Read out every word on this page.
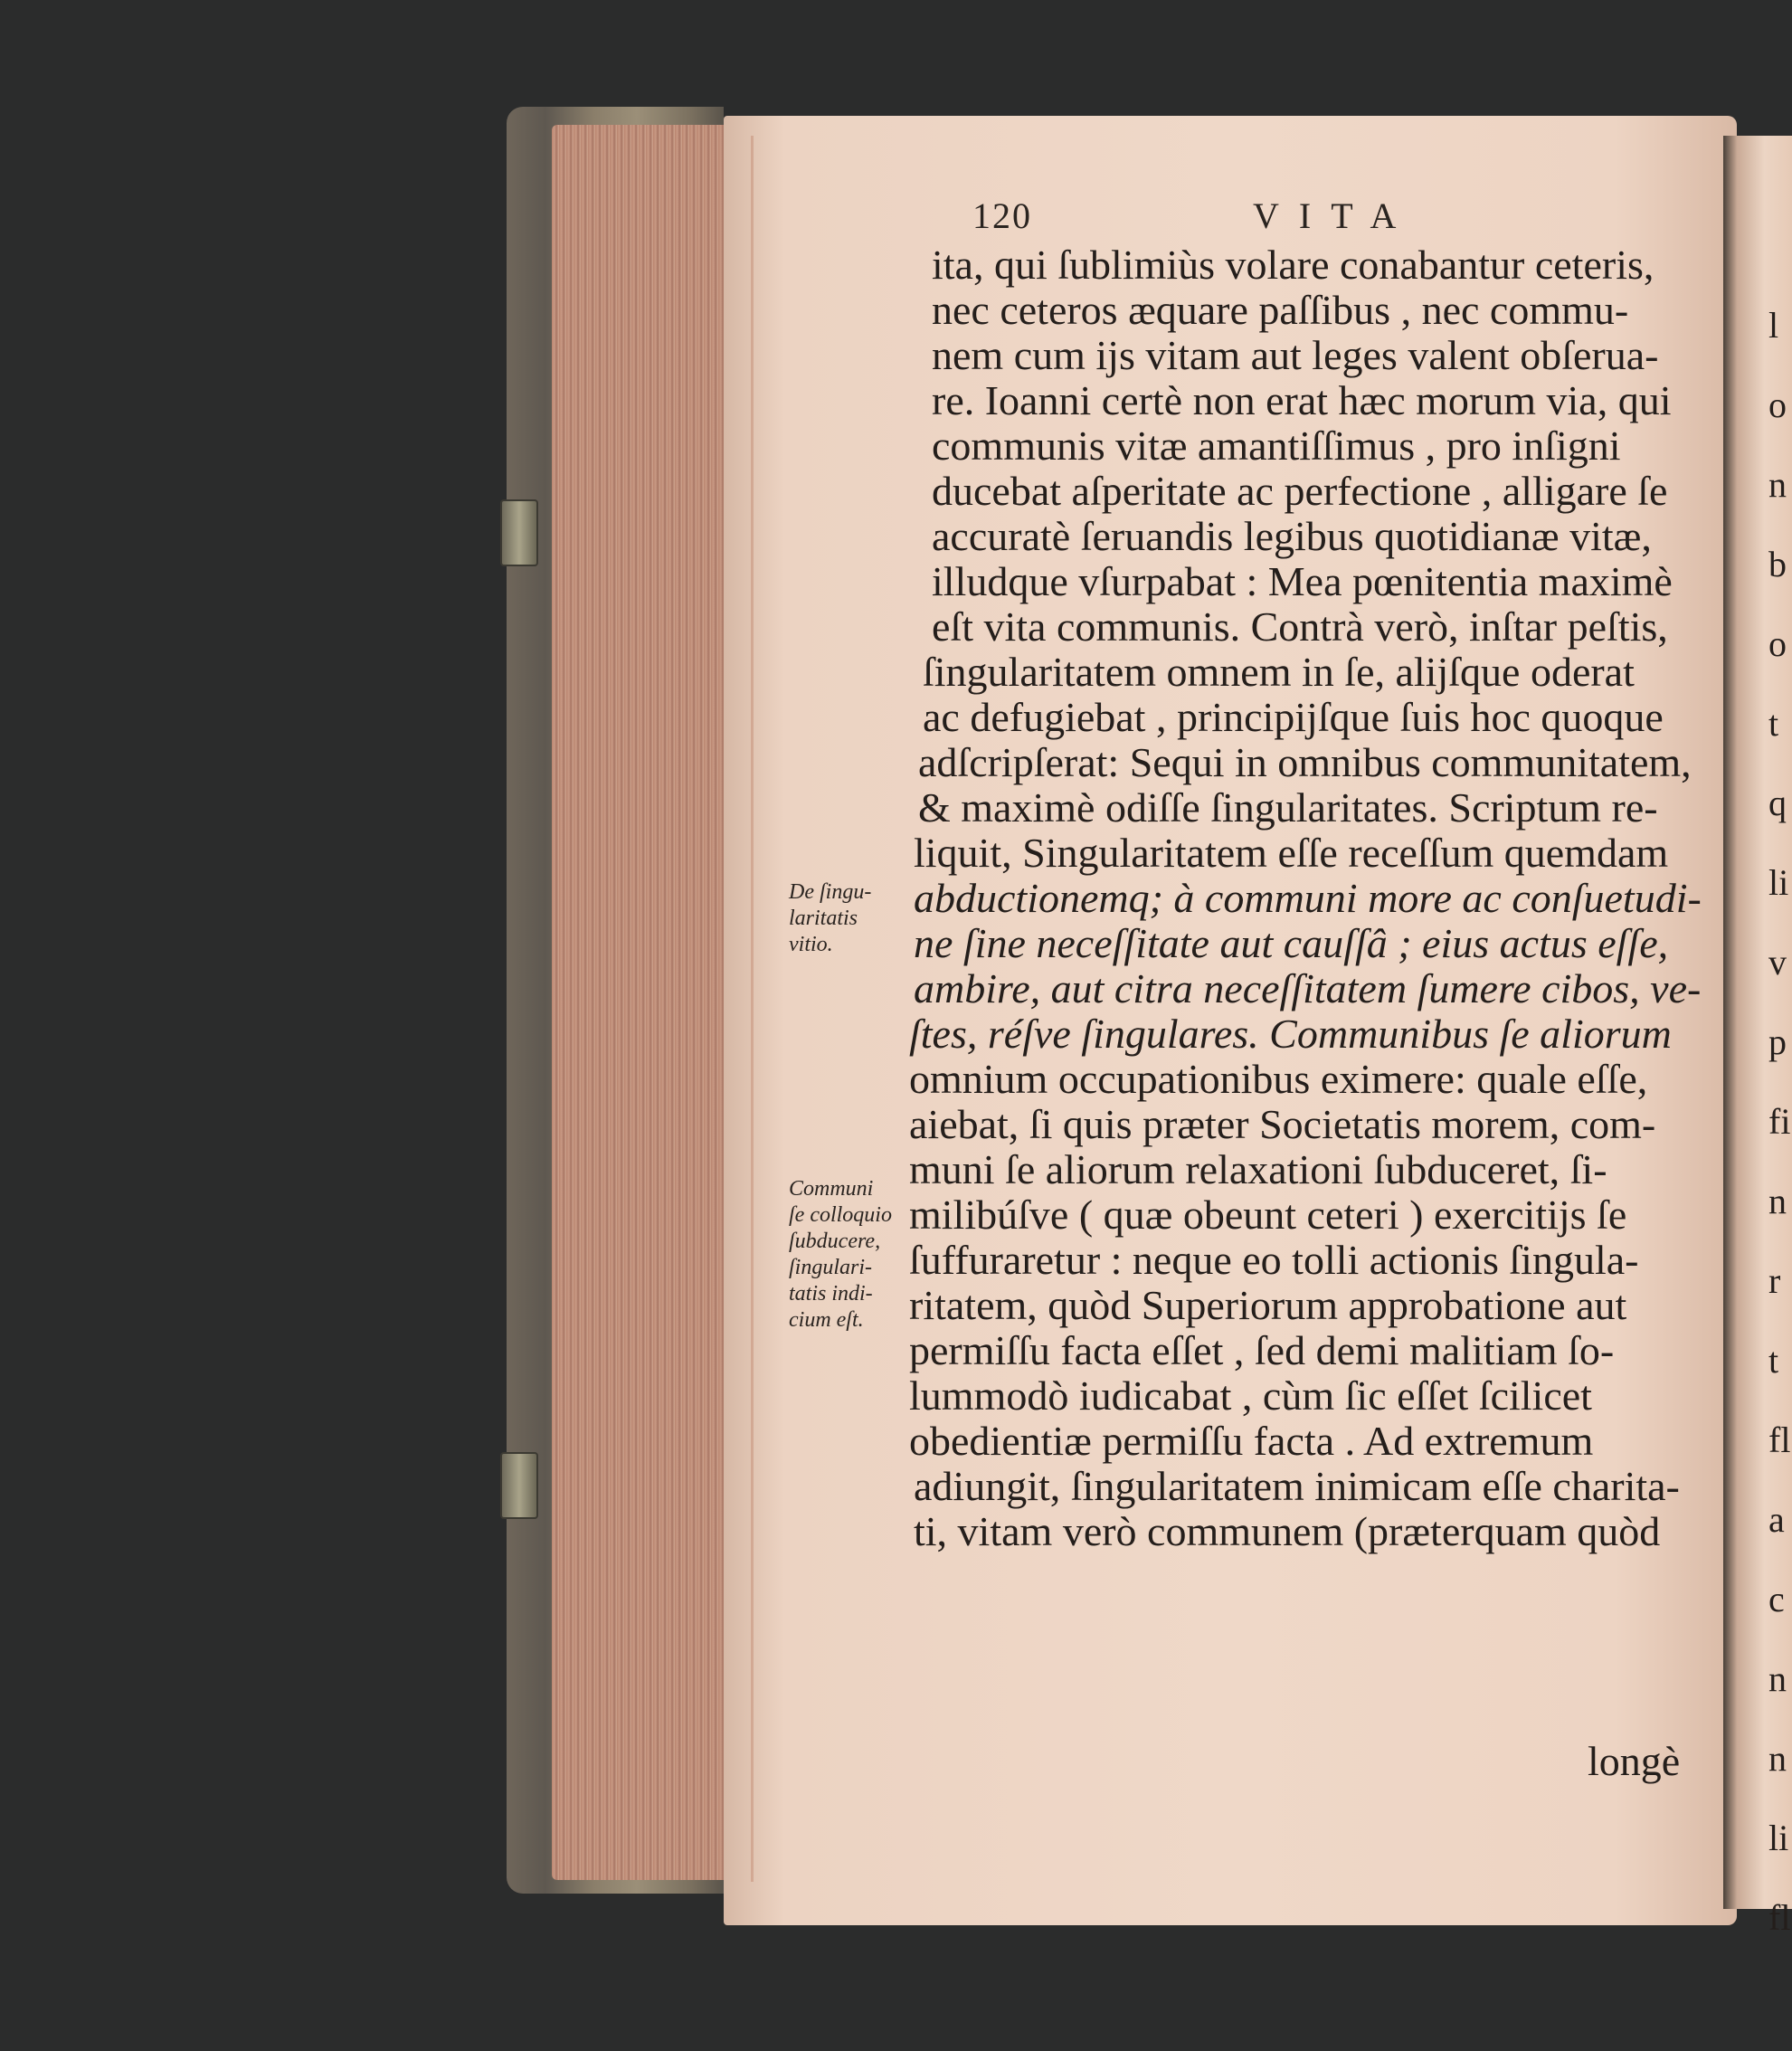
120	VITA
ita, qui ſublimiùs volare conabantur ceteris,
nec ceteros æquare paſſibus , nec commu-
nem cum ijs vitam aut leges valent obſerua-
re. Ioanni certè non erat hæc morum via, qui
communis vitæ amantiſſimus , pro inſigni
ducebat aſperitate ac perfectione , alligare ſe
accuratè ſeruandis legibus quotidianæ vitæ,
illudque vſurpabat : Mea pœnitentia maximè
eſt vita communis. Contrà verò, inſtar peſtis,
ſingularitatem omnem in ſe, alijſque oderat
ac defugiebat , principijſque ſuis hoc quoque
adſcripſerat: Sequi in omnibus communitatem,
& maximè odiſſe ſingularitates. Scriptum re-
liquit, Singularitatem eſſe receſſum quemdam
abductionemq; à communi more ac conſuetudi-
ne ſine neceſſitate aut cauſſâ ; eius actus eſſe,
ambire, aut citra neceſſitatem ſumere cibos, ve-
ſtes, réſve ſingulares. Communibus ſe aliorum
omnium occupationibus eximere: quale eſſe,
aiebat, ſi quis præter Societatis morem, com-
muni ſe aliorum relaxationi ſubduceret, ſi-
milibúſve ( quæ obeunt ceteri ) exercitijs ſe
ſuffuraretur : neque eo tolli actionis ſingula-
ritatem, quòd Superiorum approbatione aut
permiſſu facta eſſet , ſed demi malitiam ſo-
lummodò iudicabat , cùm ſic eſſet ſcilicet
obedientiæ permiſſu facta . Ad extremum
adiungit, ſingularitatem inimicam eſſe charita-
ti, vitam verò communem (præterquam quòd
De ſingu-
laritatis
vitio.
Communi
ſe colloquio
ſubducere,
ſingulari-
tatis indi-
cium eſt.
longè
l
o
n
b
o
t
q
li
v
p
fi
n
r
t
fl
a
c
n
n
li
fl
